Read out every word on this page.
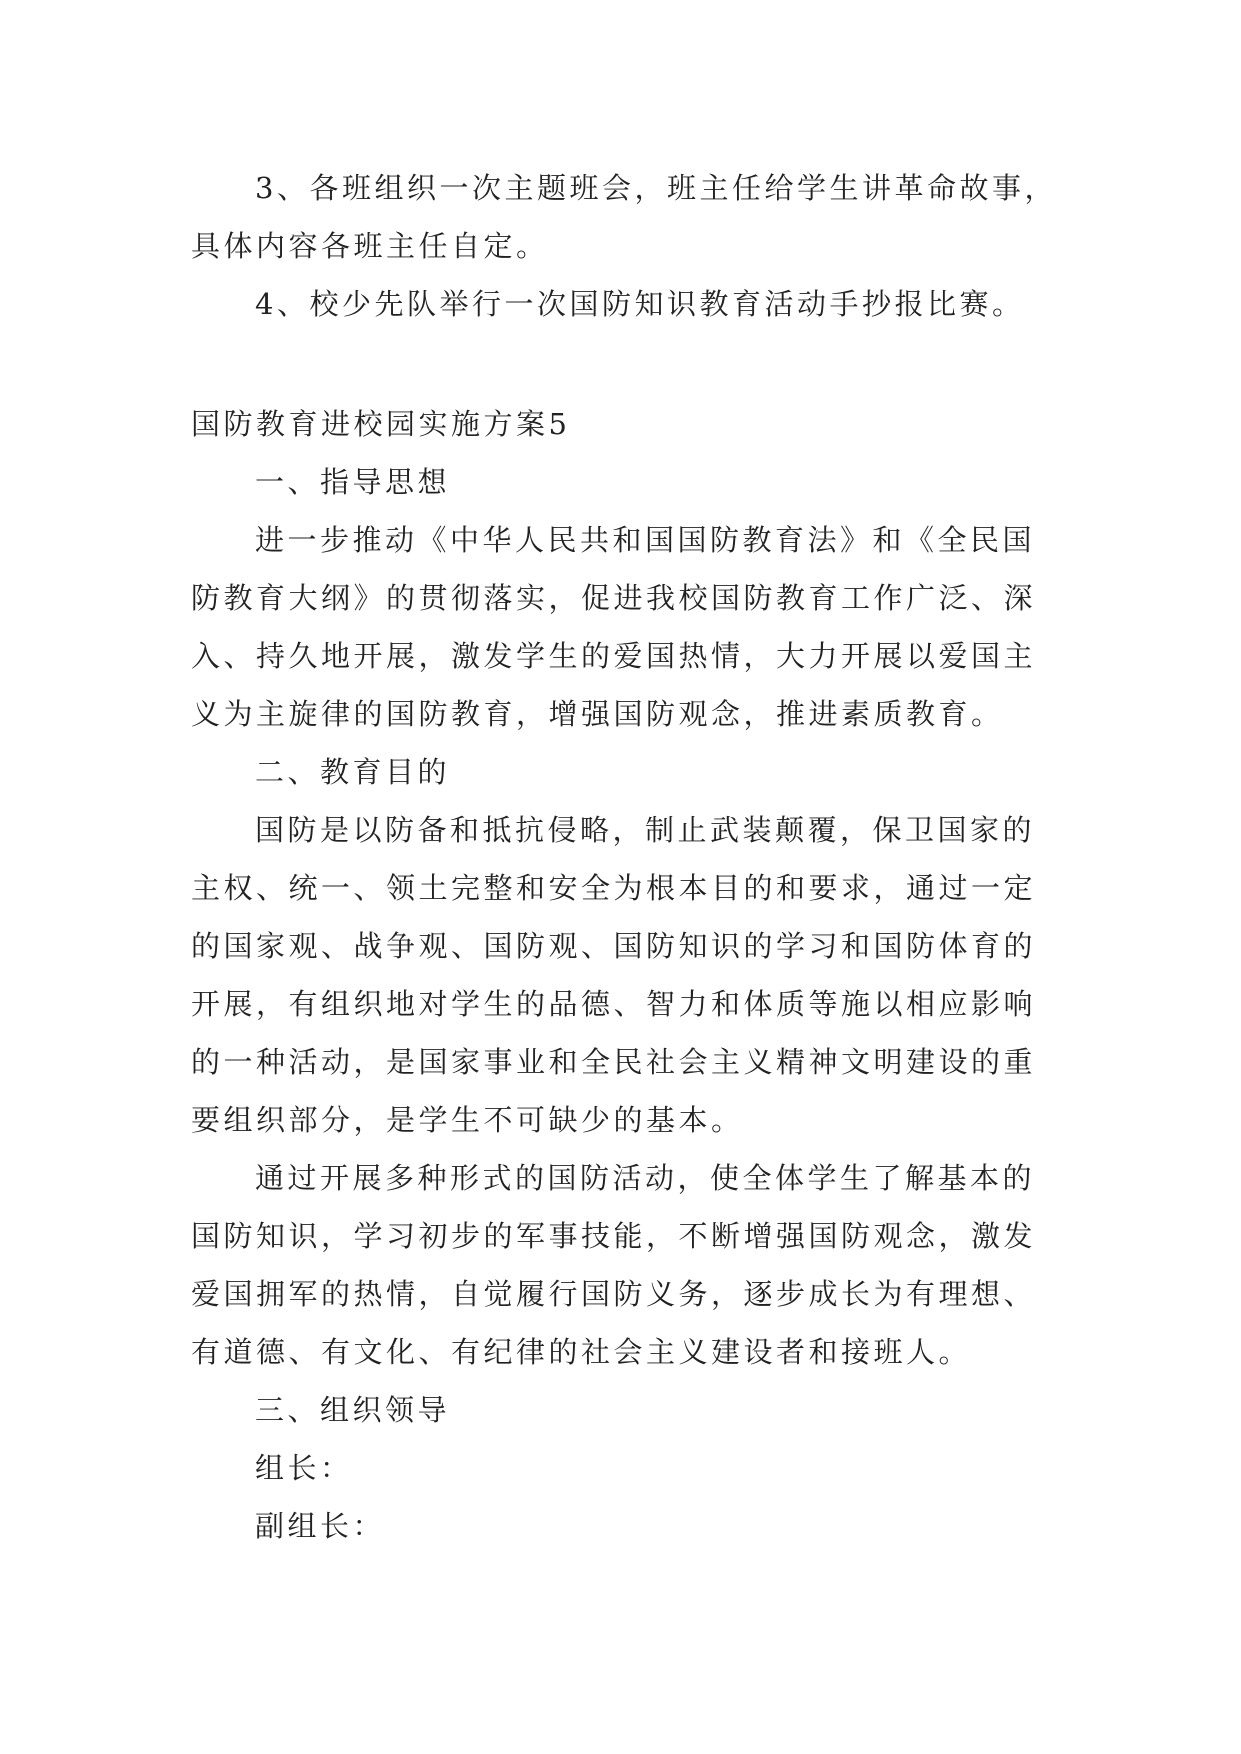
3、各班组织一次主题班会，班主任给学生讲革命故事，
具体内容各班主任自定。
4、校少先队举行一次国防知识教育活动手抄报比赛。
国防教育进校园实施方案5
一、指导思想
进一步推动《中华人民共和国国防教育法》和《全民国
防教育大纲》的贯彻落实，促进我校国防教育工作广泛、深
入、持久地开展，激发学生的爱国热情，大力开展以爱国主
义为主旋律的国防教育，增强国防观念，推进素质教育。
二、教育目的
国防是以防备和抵抗侵略，制止武装颠覆，保卫国家的
主权、统一、领土完整和安全为根本目的和要求，通过一定
的国家观、战争观、国防观、国防知识的学习和国防体育的
开展，有组织地对学生的品德、智力和体质等施以相应影响
的一种活动，是国家事业和全民社会主义精神文明建设的重
要组织部分，是学生不可缺少的基本。
通过开展多种形式的国防活动，使全体学生了解基本的
国防知识，学习初步的军事技能，不断增强国防观念，激发
爱国拥军的热情，自觉履行国防义务，逐步成长为有理想、
有道德、有文化、有纪律的社会主义建设者和接班人。
三、组织领导
组长：
副组长：
